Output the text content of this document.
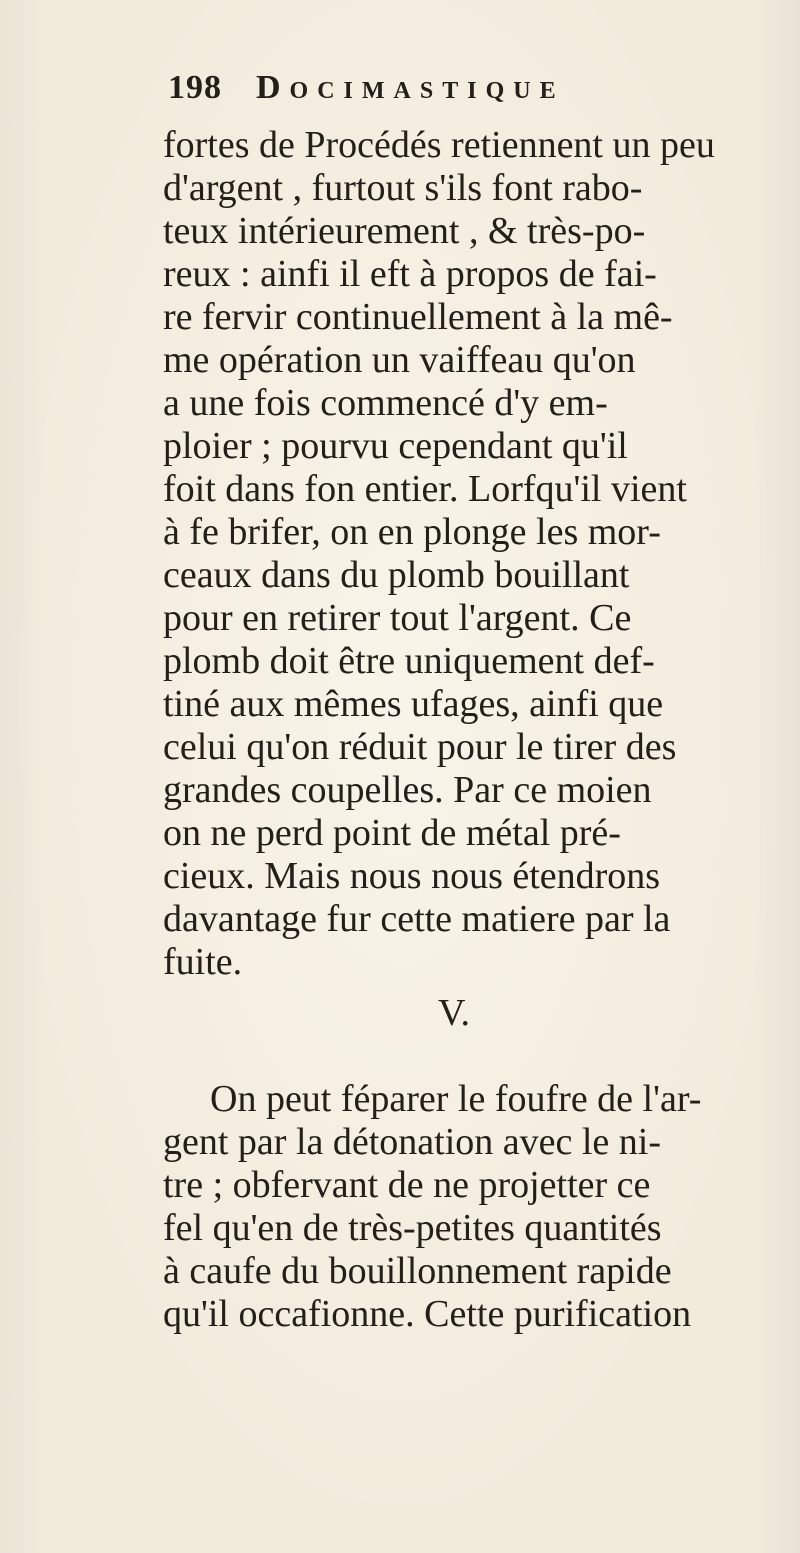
198 Docimastique
fortes de Procédés retiennent un peu
d'argent , furtout s'ils font rabo-
teux intérieurement , & très-po-
reux : ainfi il eft à propos de fai-
re fervir continuellement à la mê-
me opération un vaiffeau qu'on
a une fois commencé d'y em-
ploier ; pourvu cependant qu'il
foit dans fon entier. Lorfqu'il vient
à fe brifer, on en plonge les mor-
ceaux dans du plomb bouillant
pour en retirer tout l'argent. Ce
plomb doit être uniquement def-
tiné aux mêmes ufages, ainfi que
celui qu'on réduit pour le tirer des
grandes coupelles. Par ce moien
on ne perd point de métal pré-
cieux. Mais nous nous étendrons
davantage fur cette matiere par la
fuite.
V.
On peut féparer le foufre de l'ar-
gent par la détonation avec le ni-
tre ; obfervant de ne projetter ce
fel qu'en de très-petites quantités
à caufe du bouillonnement rapide
qu'il occafionne. Cette purification
